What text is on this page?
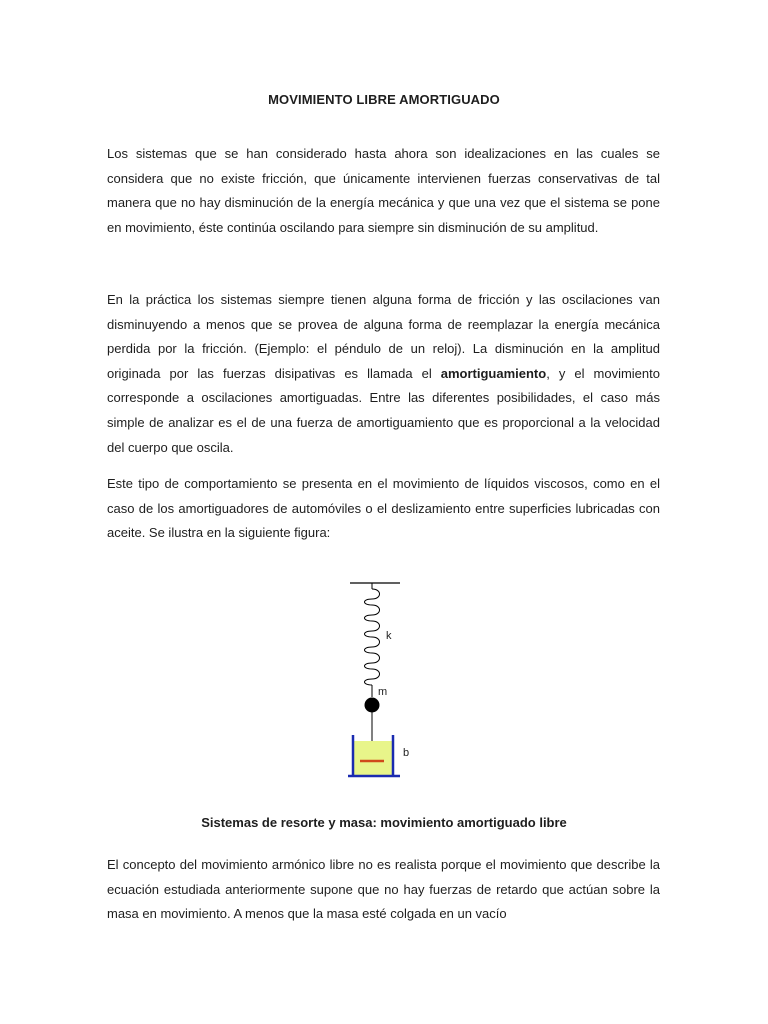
MOVIMIENTO LIBRE AMORTIGUADO

Los sistemas que se han considerado hasta ahora son idealizaciones en las cuales se considera que no existe fricción, que únicamente intervienen fuerzas conservativas de tal manera que no hay disminución de la energía mecánica y que una vez que el sistema se pone en movimiento, éste continúa oscilando para siempre sin disminución de su amplitud.

En la práctica los sistemas siempre tienen alguna forma de fricción y las oscilaciones van disminuyendo a menos que se provea de alguna forma de reemplazar la energía mecánica perdida por la fricción. (Ejemplo: el péndulo de un reloj). La disminución en la amplitud originada por las fuerzas disipativas es llamada el amortiguamiento, y el movimiento corresponde a oscilaciones amortiguadas. Entre las diferentes posibilidades, el caso más simple de analizar es el de una fuerza de amortiguamiento que es proporcional a la velocidad del cuerpo que oscila.

Este tipo de comportamiento se presenta en el movimiento de líquidos viscosos, como en el caso de los amortiguadores de automóviles o el deslizamiento entre superficies lubricadas con aceite. Se ilustra en la siguiente figura:

k
m
b
Sistemas de resorte y masa: movimiento amortiguado libre

El concepto del movimiento armónico libre no es realista porque el movimiento que describe la ecuación estudiada anteriormente supone que no hay fuerzas de retardo que actúan sobre la masa en movimiento. A menos que la masa esté colgada en un vacío
